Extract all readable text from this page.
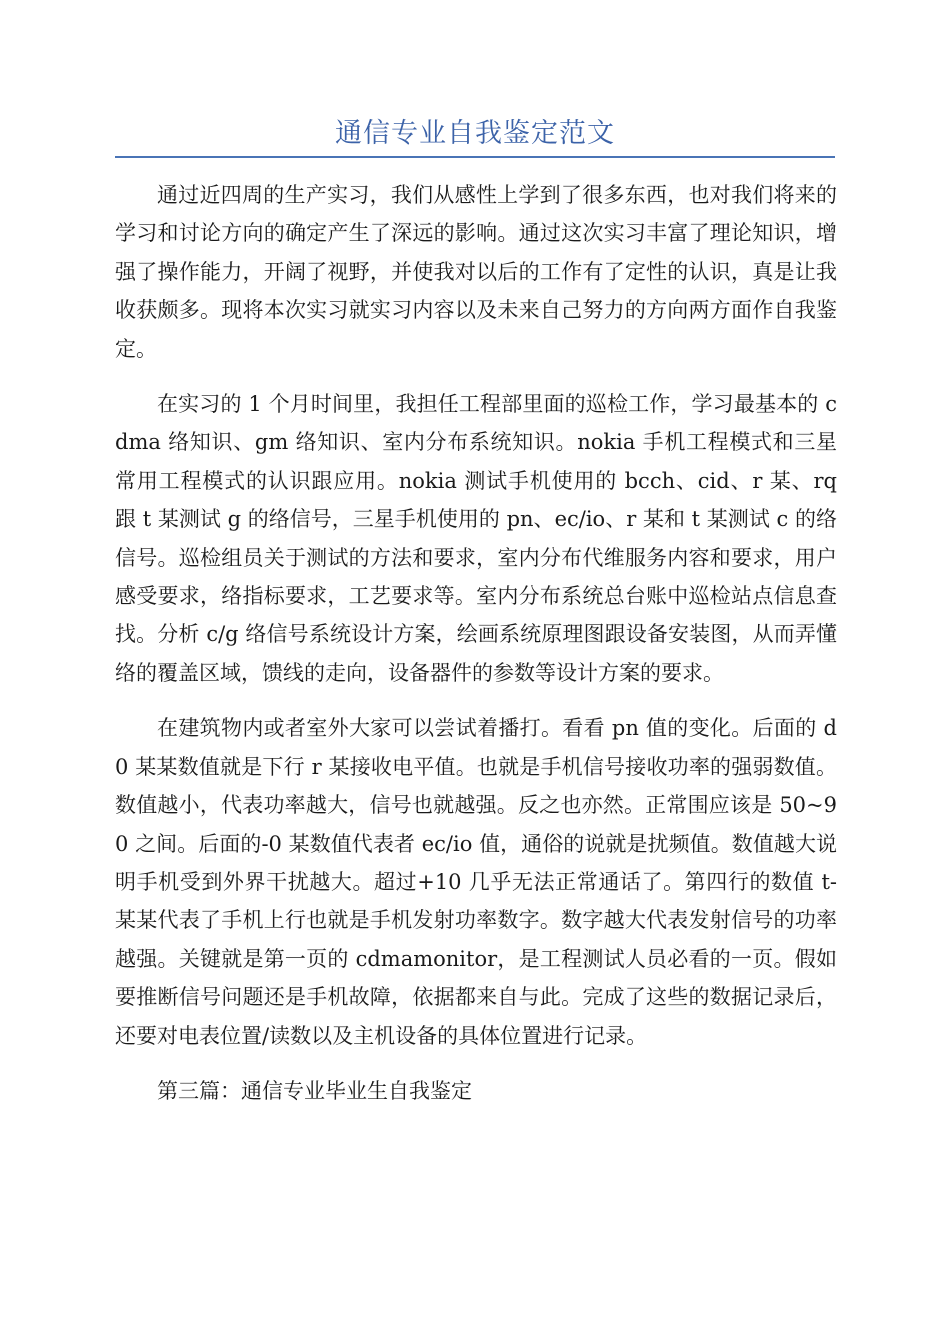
通信专业自我鉴定范文

通过近四周的生产实习，我们从感性上学到了很多东西，也对我们将来的学习和讨论方向的确定产生了深远的影响。通过这次实习丰富了理论知识，增强了操作能力，开阔了视野，并使我对以后的工作有了定性的认识，真是让我收获颇多。现将本次实习就实习内容以及未来自己努力的方向两方面作自我鉴定。

在实习的 1 个月时间里，我担任工程部里面的巡检工作，学习最基本的 cdma 络知识、gm 络知识、室内分布系统知识。nokia 手机工程模式和三星常用工程模式的认识跟应用。nokia 测试手机使用的 bcch、cid、r 某、rq 跟 t 某测试 g 的络信号，三星手机使用的 pn、ec/io、r 某和 t 某测试 c 的络信号。巡检组员关于测试的方法和要求，室内分布代维服务内容和要求，用户感受要求，络指标要求，工艺要求等。室内分布系统总台账中巡检站点信息查找。分析 c/g 络信号系统设计方案，绘画系统原理图跟设备安装图，从而弄懂络的覆盖区域，馈线的走向，设备器件的参数等设计方案的要求。

在建筑物内或者室外大家可以尝试着播打。看看 pn 值的变化。后面的 d0 某某数值就是下行 r 某接收电平值。也就是手机信号接收功率的强弱数值。数值越小，代表功率越大，信号也就越强。反之也亦然。正常围应该是 50~90 之间。后面的-0 某数值代表者 ec/io 值，通俗的说就是扰频值。数值越大说明手机受到外界干扰越大。超过+10 几乎无法正常通话了。第四行的数值 t-某某代表了手机上行也就是手机发射功率数字。数字越大代表发射信号的功率越强。关键就是第一页的 cdmamonitor，是工程测试人员必看的一页。假如要推断信号问题还是手机故障，依据都来自与此。完成了这些的数据记录后，还要对电表位置/读数以及主机设备的具体位置进行记录。

第三篇：通信专业毕业生自我鉴定
